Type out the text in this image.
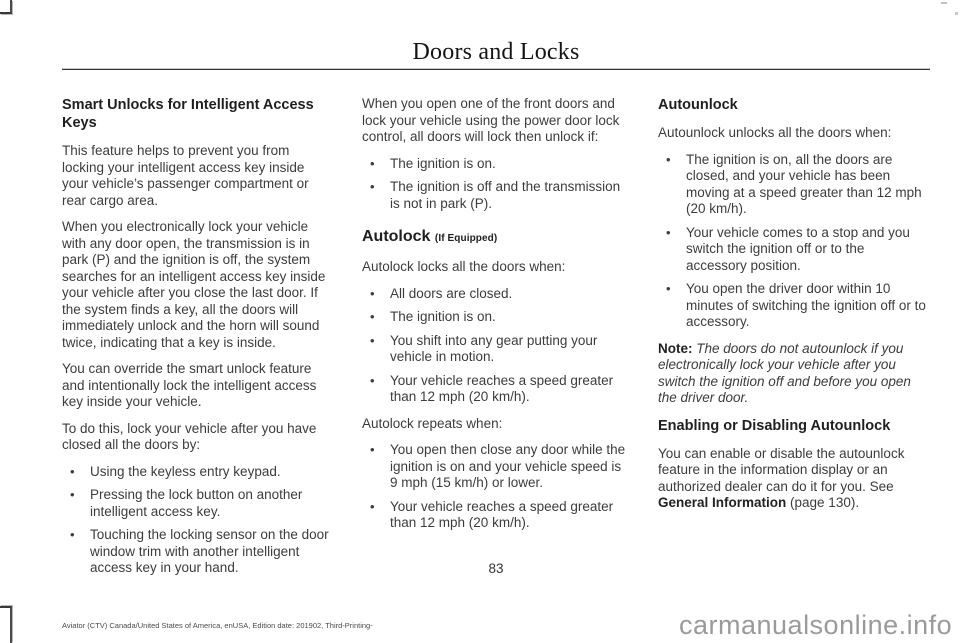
Doors and Locks
Smart Unlocks for Intelligent Access Keys

This feature helps to prevent you from locking your intelligent access key inside your vehicle’s passenger compartment or rear cargo area.

When you electronically lock your vehicle with any door open, the transmission is in park (P) and the ignition is off, the system searches for an intelligent access key inside your vehicle after you close the last door. If the system finds a key, all the doors will immediately unlock and the horn will sound twice, indicating that a key is inside.

You can override the smart unlock feature and intentionally lock the intelligent access key inside your vehicle.

To do this, lock your vehicle after you have closed all the doors by:

• Using the keyless entry keypad.
• Pressing the lock button on another intelligent access key.
• Touching the locking sensor on the door window trim with another intelligent access key in your hand.

When you open one of the front doors and lock your vehicle using the power door lock control, all doors will lock then unlock if:

• The ignition is on.
• The ignition is off and the transmission is not in park (P).
Autolock (If Equipped)

Autolock locks all the doors when:

• All doors are closed.
• The ignition is on.
• You shift into any gear putting your vehicle in motion.
• Your vehicle reaches a speed greater than 12 mph (20 km/h).

Autolock repeats when:

• You open then close any door while the ignition is on and your vehicle speed is 9 mph (15 km/h) or lower.
• Your vehicle reaches a speed greater than 12 mph (20 km/h).
Autounlock

Autounlock unlocks all the doors when:

• The ignition is on, all the doors are closed, and your vehicle has been moving at a speed greater than 12 mph (20 km/h).
• Your vehicle comes to a stop and you switch the ignition off or to the accessory position.
• You open the driver door within 10 minutes of switching the ignition off or to accessory.

Note: The doors do not autounlock if you electronically lock your vehicle after you switch the ignition off and before you open the driver door.

Enabling or Disabling Autounlock

You can enable or disable the autounlock feature in the information display or an authorized dealer can do it for you. See General Information (page 130).

83
Aviator (CTV) Canada/United States of America, enUSA, Edition date: 201902, Third-Printing-	carmanualsonline.info
